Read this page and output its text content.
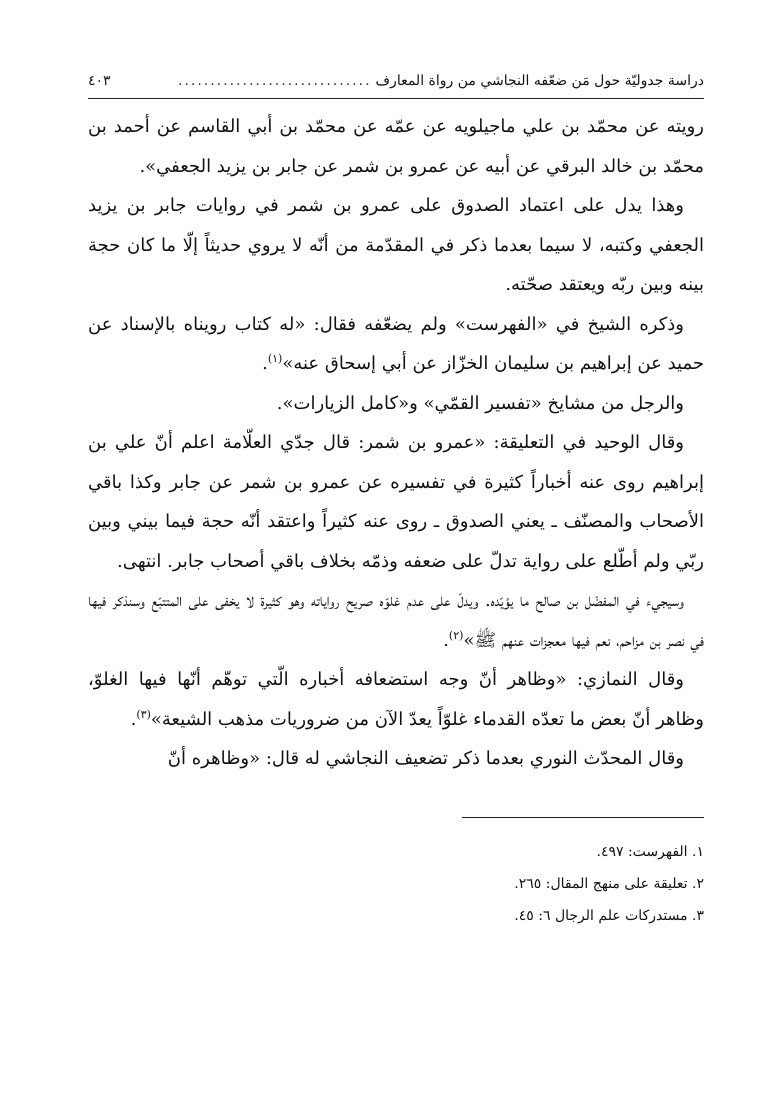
دراسة جدوليّة حول مَن ضعّفه النجاشي من رواة المعارف
..............................
٤٠٣

رويته عن محمّد بن علي ماجيلويه عن عمّه عن محمّد بن أبي القاسم عن أحمد بن محمّد بن خالد البرقي عن أبيه عن عمرو بن شمر عن جابر بن يزيد الجعفي».

وهذا يدل على اعتماد الصدوق على عمرو بن شمر في روايات جابر بن يزيد الجعفي وكتبه، لا سيما بعدما ذكر في المقدّمة من أنّه لا يروي حديثاً إلّا ما كان حجة بينه وبين ربّه ويعتقد صحّته.

وذكره الشيخ في «الفهرست» ولم يضعّفه فقال: «له كتاب رويناه بالإسناد عن حميد عن إبراهيم بن سليمان الخزّاز عن أبي إسحاق عنه»$^{(١)}$.

والرجل من مشايخ «تفسير القمّي» و«كامل الزيارات».

وقال الوحيد في التعليقة: «عمرو بن شمر: قال جدّي العلّامة اعلم أنّ علي بن إبراهيم روى عنه أخباراً كثيرة في تفسيره عن عمرو بن شمر عن جابر وكذا باقي الأصحاب والمصنّف ـ يعني الصدوق ـ روى عنه كثيراً واعتقد أنّه حجة فيما بيني وبين ربّي ولم أطّلع على رواية تدلّ على ضعفه وذمّه بخلاف باقي أصحاب جابر. انتهى.

وسيجيء في المفضّل بن صالح ما يؤيّده. ويدلّ على عدم غلوّه صريح رواياته وهو كثيرة لا يخفى على المتتبّع وسنذكر فيها في نصر بن مزاحم، نعم فيها معجزات عنهم ﷺ»$^{(٢)}$.

وقال النمازي: «وظاهر أنّ وجه استضعافه أخباره الّتي توهّم أنّها فيها الغلوّ، وظاهر أنّ بعض ما تعدّه القدماء غلوّاً يعدّ الآن من ضروريات مذهب الشيعة»$^{(٣)}$.

وقال المحدّث النوري بعدما ذكر تضعيف النجاشي له قال: «وظاهره أنّ

١. الفهرست: ٤٩٧.
٢. تعليقة على منهج المقال: ٢٦٥.
٣. مستدركات علم الرجال ٦: ٤٥.
